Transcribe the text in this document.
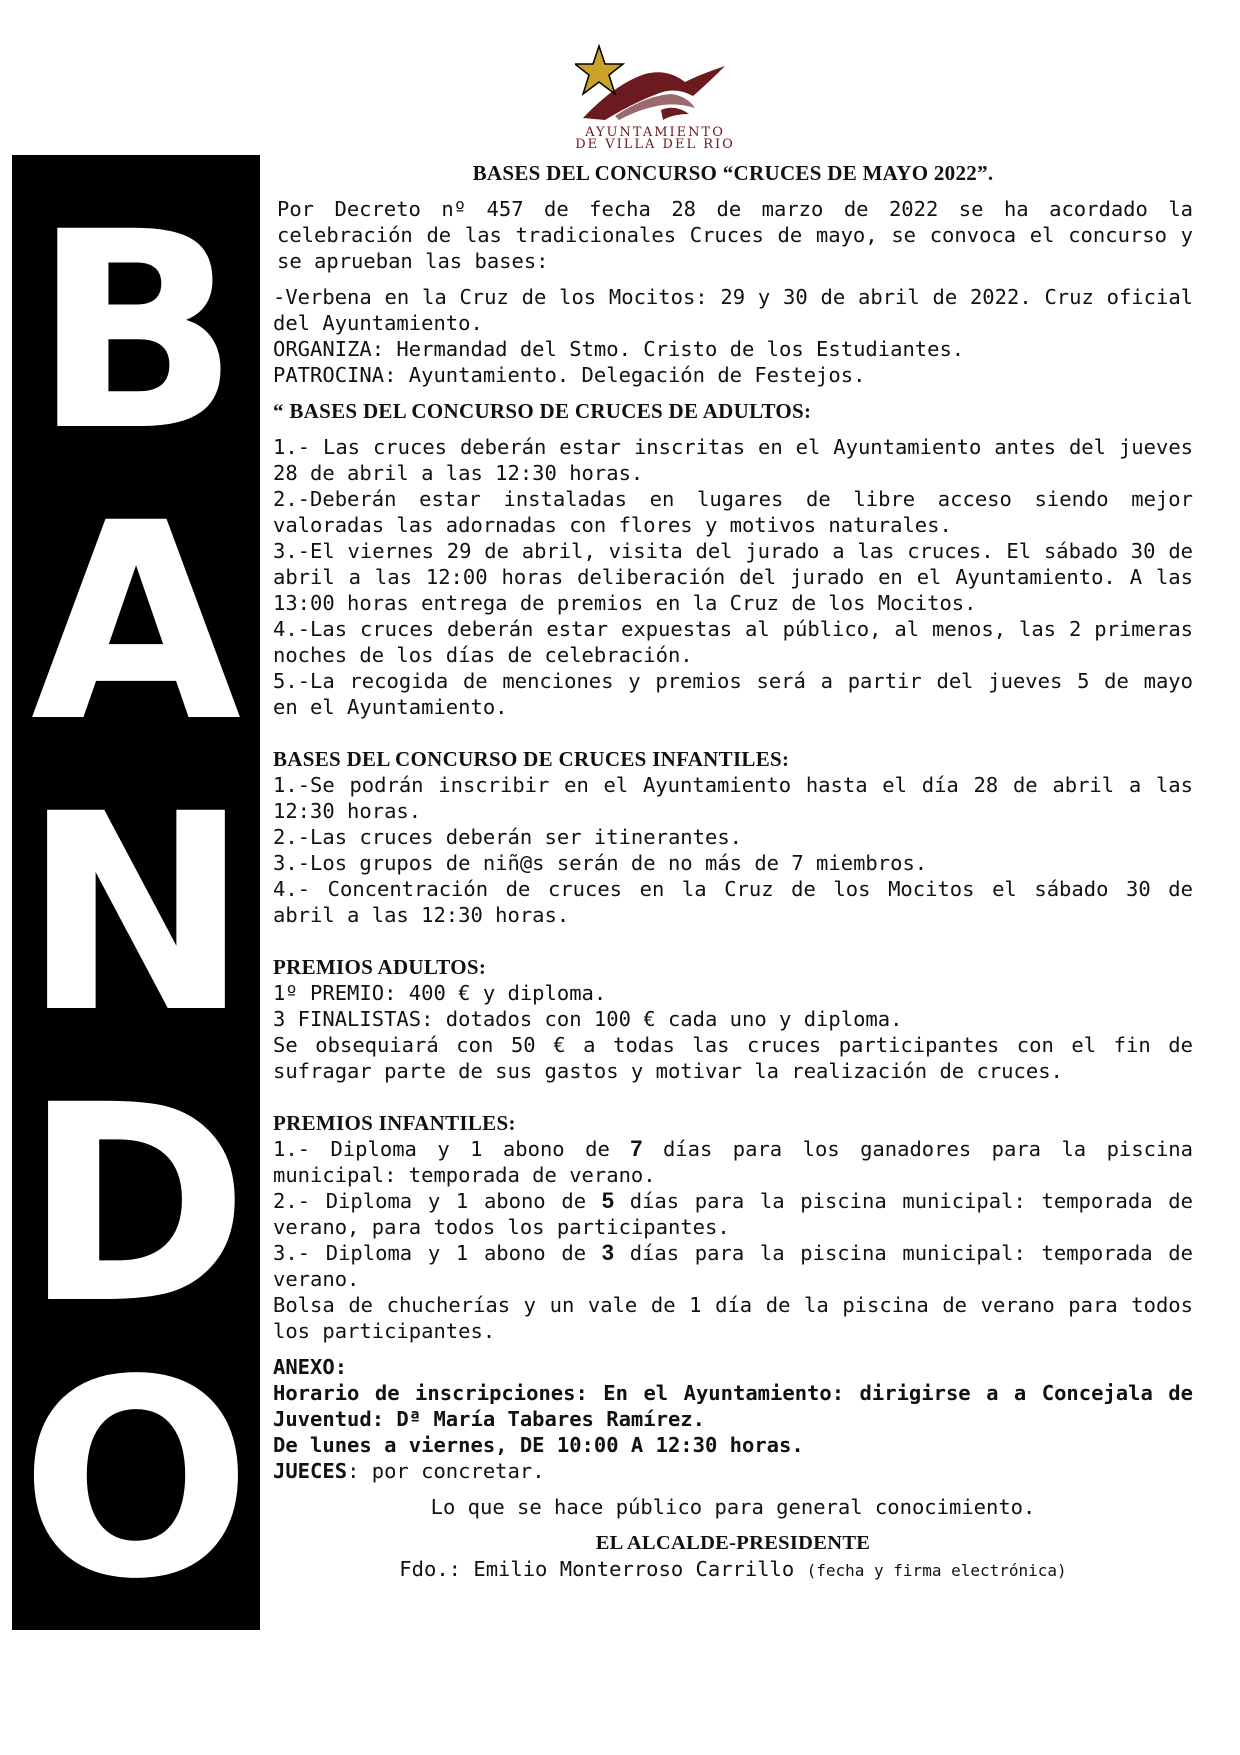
AYUNTAMIENTO
DE VILLA DEL RIO
B
A
N
D
O

BASES DEL CONCURSO “CRUCES DE MAYO 2022”.

Por Decreto nº 457 de fecha 28 de marzo de 2022 se ha acordado la celebración de las tradicionales Cruces de mayo, se convoca el concurso y se aprueban las bases:

-Verbena en la Cruz de los Mocitos: 29 y 30 de abril de 2022. Cruz oficial del Ayuntamiento.

ORGANIZA: Hermandad del Stmo. Cristo de los Estudiantes.

PATROCINA: Ayuntamiento. Delegación de Festejos.

“ BASES DEL CONCURSO DE CRUCES DE ADULTOS:

1.- Las cruces deberán estar inscritas en el Ayuntamiento antes del jueves 28 de abril a las 12:30 horas.

2.-Deberán estar instaladas en lugares de libre acceso siendo mejor valoradas las adornadas con flores y motivos naturales.

3.-El viernes 29 de abril, visita del jurado a las cruces. El sábado 30 de abril a las 12:00 horas deliberación del jurado en el Ayuntamiento. A las 13:00 horas entrega de premios en la Cruz de los Mocitos.

4.-Las cruces deberán estar expuestas al público, al menos, las 2 primeras noches de los días de celebración.

5.-La recogida de menciones y premios será a partir del jueves 5 de mayo en el Ayuntamiento.

BASES DEL CONCURSO DE CRUCES INFANTILES:

1.-Se podrán inscribir en el Ayuntamiento hasta el día 28 de abril a las 12:30 horas.

2.-Las cruces deberán ser itinerantes.

3.-Los grupos de niñ@s serán de no más de 7 miembros.

4.- Concentración de cruces en la Cruz de los Mocitos el sábado 30 de abril a las 12:30 horas.

PREMIOS ADULTOS:

1º PREMIO: 400 € y diploma.

3 FINALISTAS: dotados con 100 € cada uno y diploma.

Se obsequiará con 50 € a todas las cruces participantes con el fin de sufragar parte de sus gastos y motivar la realización de cruces.

PREMIOS INFANTILES:

1.- Diploma y 1 abono de 7 días para los ganadores para la piscina municipal: temporada de verano.

2.- Diploma y 1 abono de 5 días para la piscina municipal: temporada de verano, para todos los participantes.

3.- Diploma y 1 abono de 3 días para la piscina municipal: temporada de verano.

Bolsa de chucherías y un vale de 1 día de la piscina de verano para todos los participantes.

ANEXO:

Horario de inscripciones: En el Ayuntamiento: dirigirse a a Concejala de Juventud: Dª María Tabares Ramírez.

De lunes a viernes, DE 10:00 A 12:30 horas.

JUECES: por concretar.

Lo que se hace público para general conocimiento.

EL ALCALDE-PRESIDENTE

Fdo.: Emilio Monterroso Carrillo (fecha y firma electrónica)
